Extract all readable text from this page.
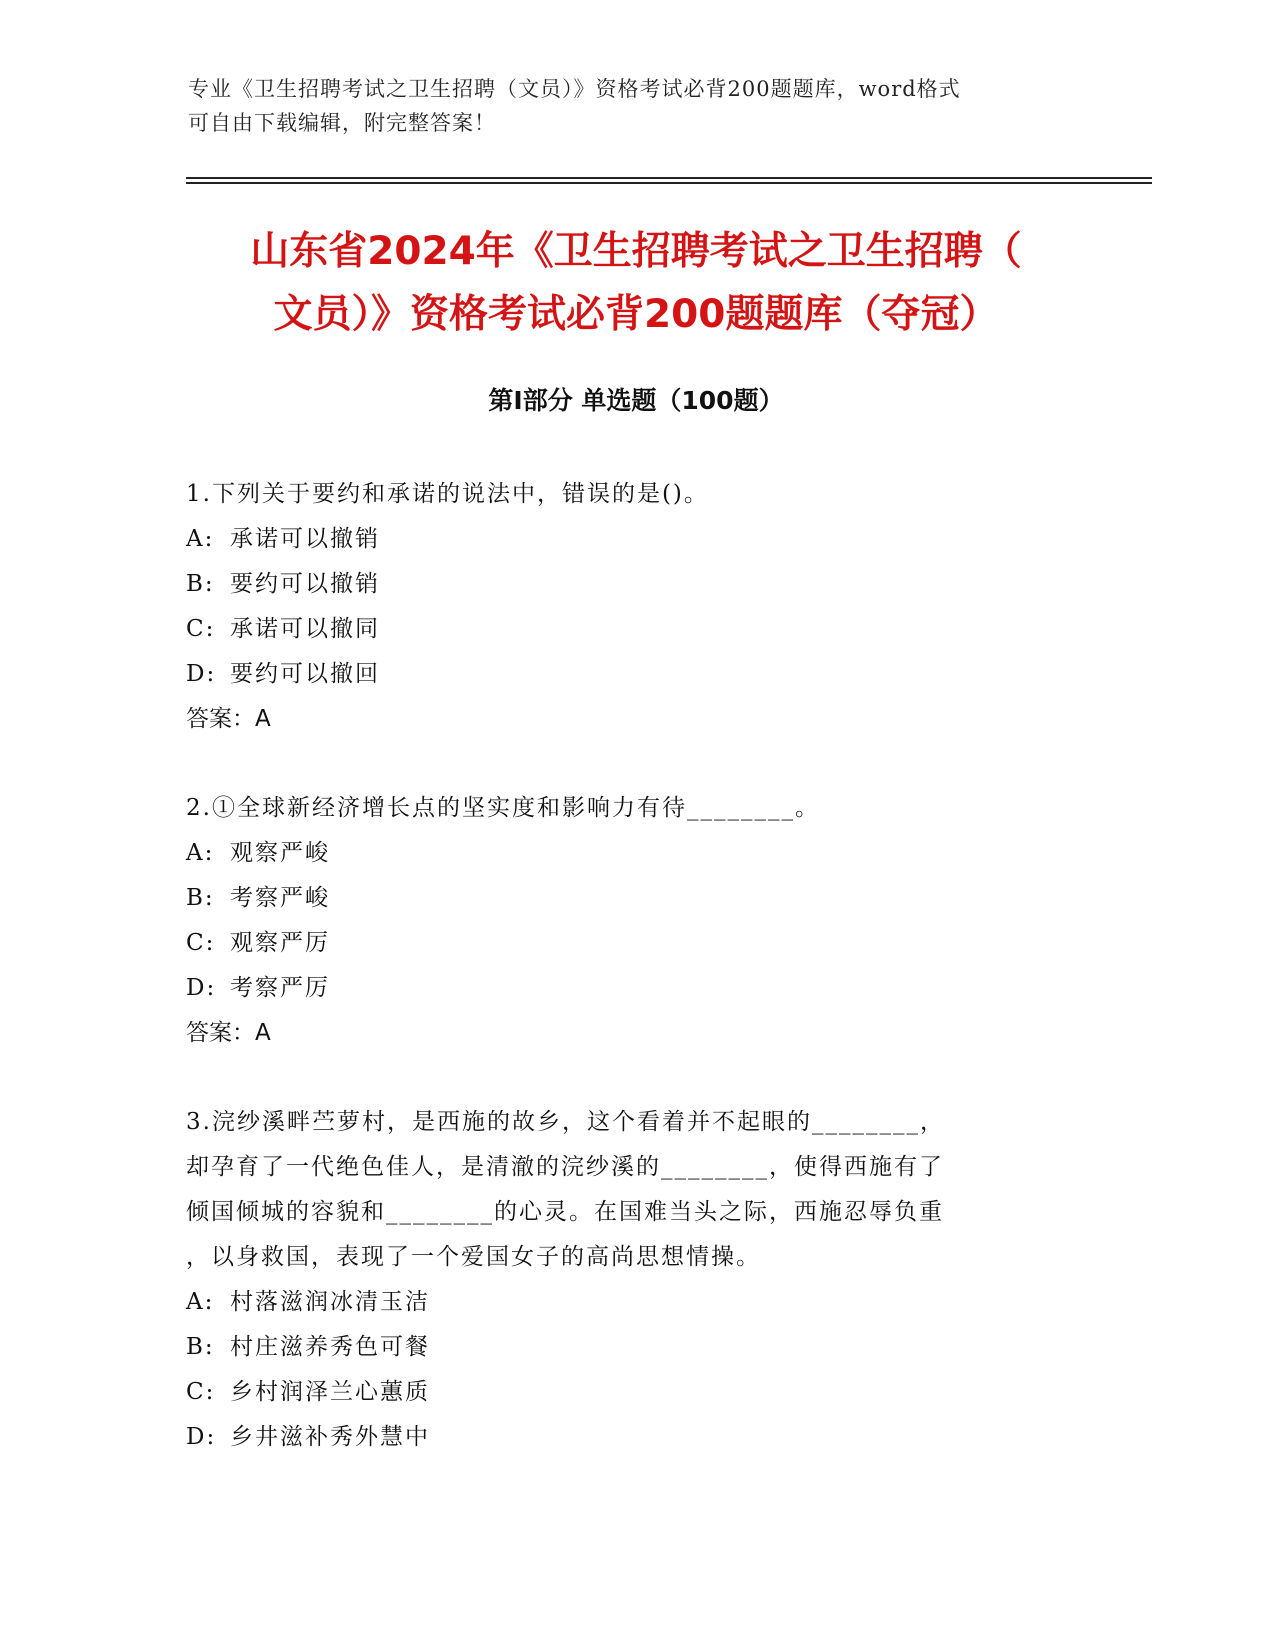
专业《卫生招聘考试之卫生招聘（文员）》资格考试必背200题题库，word格式
可自由下载编辑，附完整答案！
山东省2024年《卫生招聘考试之卫生招聘（
文员）》资格考试必背200题题库（夺冠）
第I部分 单选题（100题）
1.下列关于要约和承诺的说法中，错误的是()。
A: 承诺可以撤销
B: 要约可以撤销
C: 承诺可以撤同
D: 要约可以撤回
答案：A
2.①全球新经济增长点的坚实度和影响力有待________。
A: 观察严峻
B: 考察严峻
C: 观察严厉
D: 考察严厉
答案：A
3.浣纱溪畔苎萝村，是西施的故乡，这个看着并不起眼的________，
却孕育了一代绝色佳人，是清澈的浣纱溪的________，使得西施有了
倾国倾城的容貌和________的心灵。在国难当头之际，西施忍辱负重
，以身救国，表现了一个爱国女子的高尚思想情操。
A: 村落滋润冰清玉洁
B: 村庄滋养秀色可餐
C: 乡村润泽兰心蕙质
D: 乡井滋补秀外慧中
